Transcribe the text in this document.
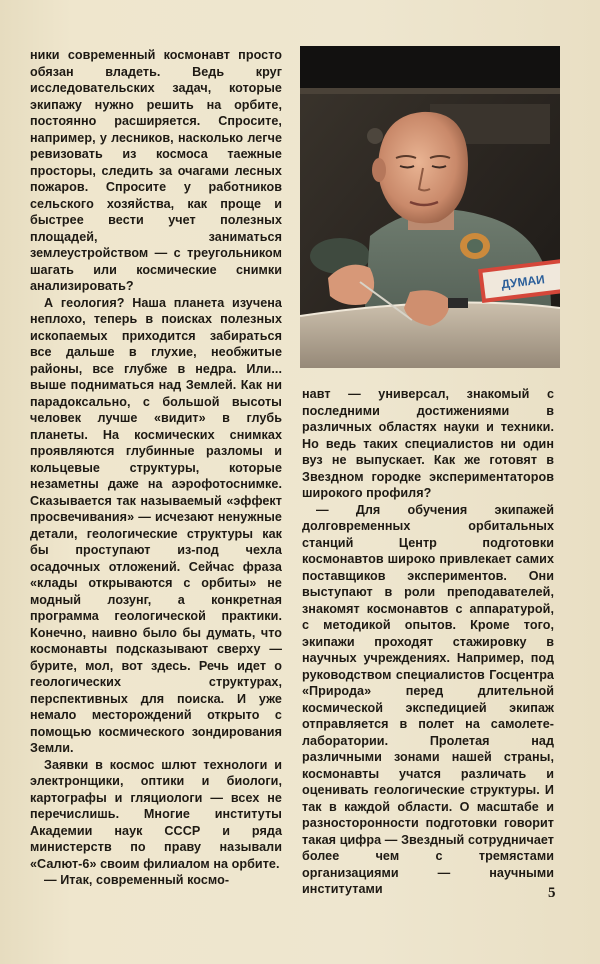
ники современный космонавт просто обязан владеть. Ведь круг исследовательских задач, которые экипажу нужно решить на орбите, постоянно расширяется. Спросите, например, у лесников, насколько легче ревизовать из космоса таежные просторы, следить за очагами лесных пожаров. Спросите у работников сельского хозяйства, как проще и быстрее вести учет полезных площадей, заниматься землеустройством — с треугольником шагать или космические снимки анализировать?

А геология? Наша планета изучена неплохо, теперь в поисках полезных ископаемых приходится забираться все дальше в глухие, необжитые районы, все глубже в недра. Или... выше подниматься над Землей. Как ни парадоксально, с большой высоты человек лучше «видит» в глубь планеты. На космических снимках проявляются глубинные разломы и кольцевые структуры, которые незаметны даже на аэрофотоснимке. Сказывается так называемый «эффект просвечивания» — исчезают ненужные детали, геологические структуры как бы проступают из-под чехла осадочных отложений. Сейчас фраза «клады открываются с орбиты» не модный лозунг, а конкретная программа геологической практики. Конечно, наивно было бы думать, что космонавты подсказывают сверху — бурите, мол, вот здесь. Речь идет о геологических структурах, перспективных для поиска. И уже немало месторождений открыто с помощью космического зондирования Земли.

Заявки в космос шлют технологи и электронщики, оптики и биологи, картографы и гляциологи — всех не перечислишь. Многие институты Академии наук СССР и ряда министерств по праву называли «Салют-6» своим филиалом на орбите.

— Итак, современный космо-

ДУМАИ

навт — универсал, знакомый с последними достижениями в различных областях науки и техники. Но ведь таких специалистов ни один вуз не выпускает. Как же готовят в Звездном городке экспериментаторов широкого профиля?

— Для обучения экипажей долговременных орбитальных станций Центр подготовки космонавтов широко привлекает самих поставщиков экспериментов. Они выступают в роли преподавателей, знакомят космонавтов с аппаратурой, с методикой опытов. Кроме того, экипажи проходят стажировку в научных учреждениях. Например, под руководством специалистов Госцентра «Природа» перед длительной космической экспедицией экипаж отправляется в полет на самолете-лаборатории. Пролетая над различными зонами нашей страны, космонавты учатся различать и оценивать геологические структуры. И так в каждой области. О масштабе и разносторонности подготовки говорит такая цифра — Звездный сотрудничает более чем с тремястами организациями — научными институтами	5
